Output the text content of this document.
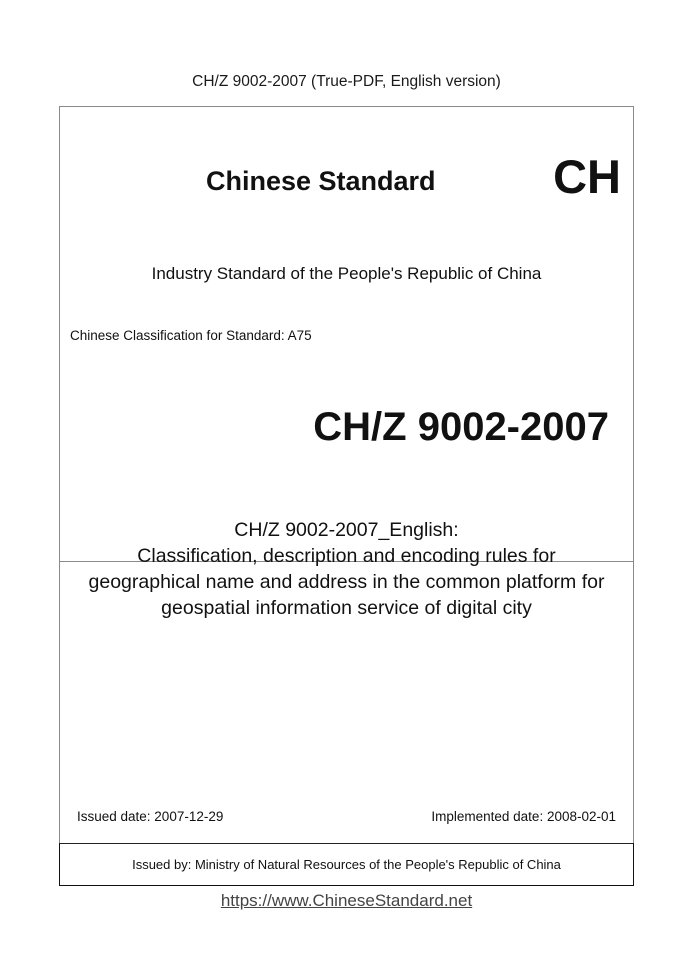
CH/Z 9002-2007 (True-PDF, English version)
Chinese Standard	CH
Industry Standard of the People's Republic of China
Chinese Classification for Standard: A75
CH/Z 9002-2007
Issued by: Ministry of Natural Resources of the People's Republic of China
CH/Z 9002-2007_English:
Classification, description and encoding rules for
geographical name and address in the common platform for
geospatial information service of digital city
Issued date: 2007-12-29	Implemented date: 2008-02-01
https://www.ChineseStandard.net
